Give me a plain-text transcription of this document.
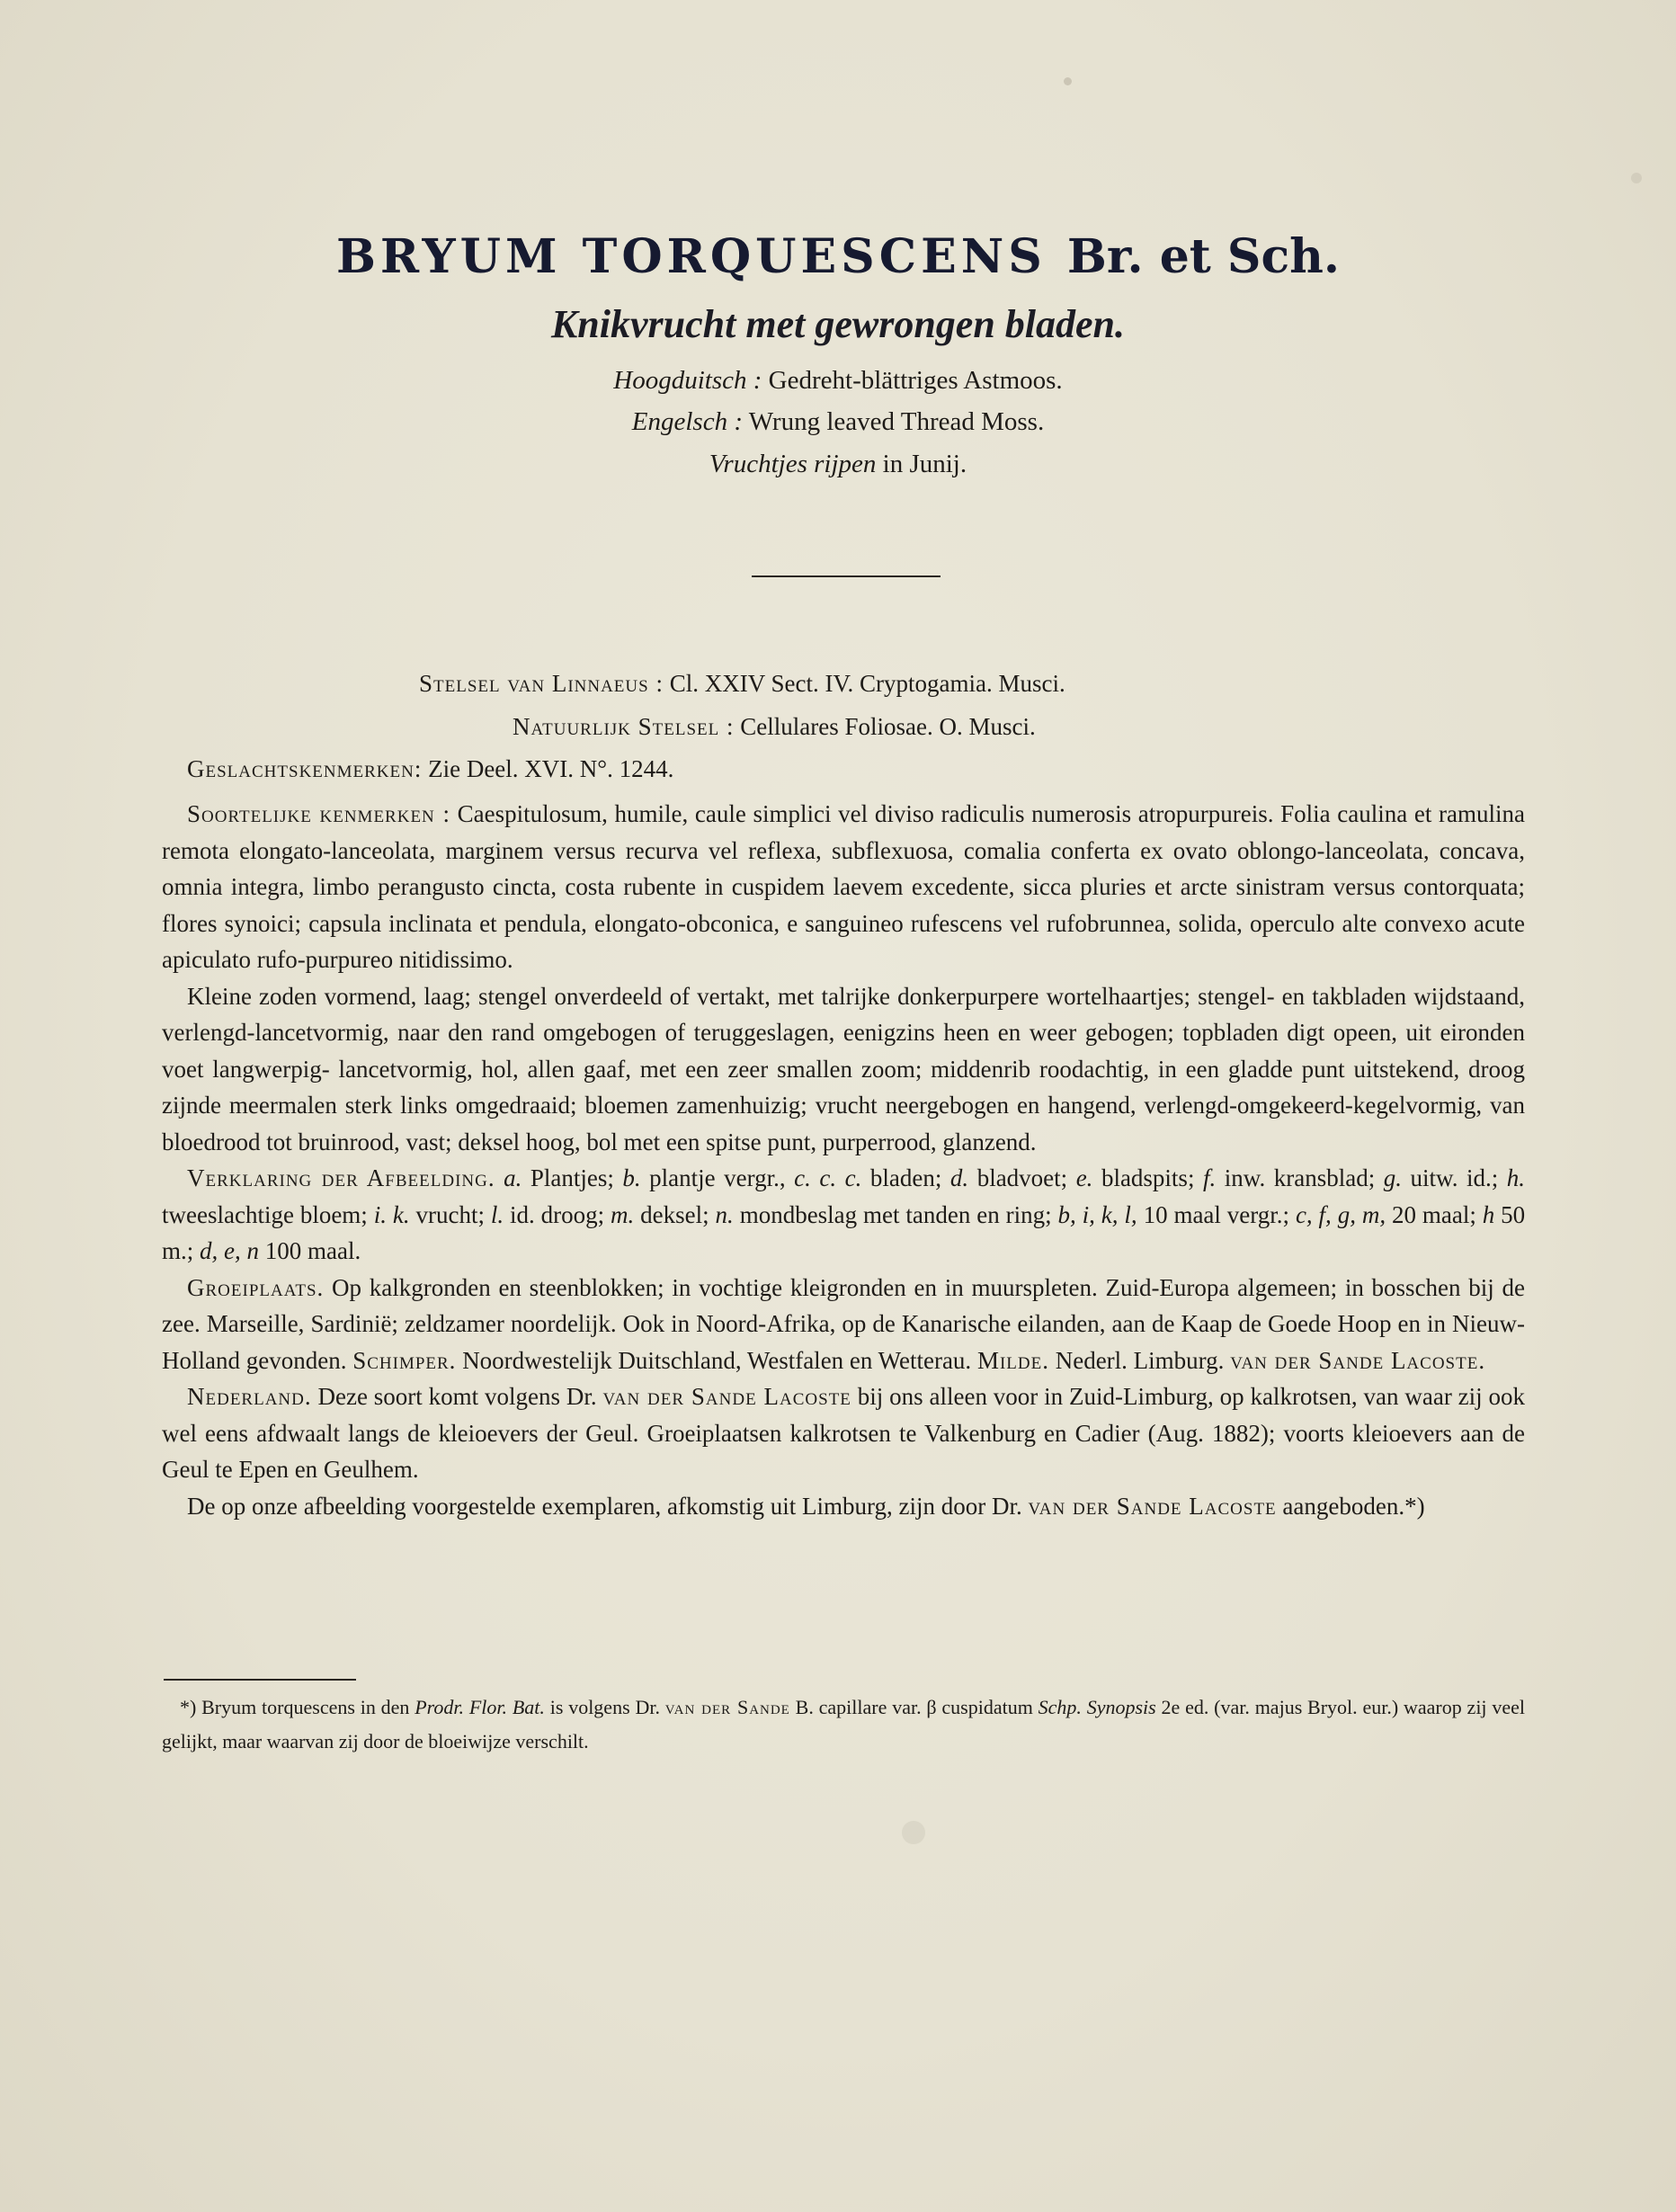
BRYUM TORQUESCENS Br. et Sch.
Knikvrucht met gewrongen bladen.
Hoogduitsch : Gedreht-blättriges Astmoos.
Engelsch : Wrung leaved Thread Moss.
Vruchtjes rijpen in Junij.
Stelsel van Linnaeus : Cl. XXIV Sect. IV. Cryptogamia. Musci.
Natuurlijk Stelsel : Cellulares Foliosae. O. Musci.
Geslachtskenmerken: Zie Deel. XVI. N°. 1244.

Soortelijke kenmerken : Caespitulosum, humile, caule simplici vel diviso radiculis numerosis atropurpureis. Folia caulina et ramulina remota elongato-lanceolata, marginem versus recurva vel reflexa, subflexuosa, comalia conferta ex ovato oblongo-lanceolata, concava, omnia integra, limbo perangusto cincta, costa rubente in cuspidem laevem excedente, sicca pluries et arcte sinistram versus contorquata; flores synoici; capsula inclinata et pendula, elongato-obconica, e sanguineo rufescens vel rufobrunnea, solida, operculo alte convexo acute apiculato rufo-purpureo nitidissimo.

Kleine zoden vormend, laag; stengel onverdeeld of vertakt, met talrijke donkerpurpere wortelhaartjes; stengel- en takbladen wijdstaand, verlengd-lancetvormig, naar den rand omgebogen of teruggeslagen, eenigzins heen en weer gebogen; topbladen digt opeen, uit eironden voet langwerpig- lancetvormig, hol, allen gaaf, met een zeer smallen zoom; middenrib roodachtig, in een gladde punt uitstekend, droog zijnde meermalen sterk links omgedraaid; bloemen zamenhuizig; vrucht neergebogen en hangend, verlengd-omgekeerd-kegelvormig, van bloedrood tot bruinrood, vast; deksel hoog, bol met een spitse punt, purperrood, glanzend.

Verklaring der Afbeelding. a. Plantjes; b. plantje vergr., c. c. c. bladen; d. bladvoet; e. bladspits; f. inw. kransblad; g. uitw. id.; h. tweeslachtige bloem; i. k. vrucht; l. id. droog; m. deksel; n. mondbeslag met tanden en ring; b, i, k, l, 10 maal vergr.; c, f, g, m, 20 maal; h 50 m.; d, e, n 100 maal.

Groeiplaats. Op kalkgronden en steenblokken; in vochtige kleigronden en in muurspleten. Zuid-Europa algemeen; in bosschen bij de zee. Marseille, Sardinië; zeldzamer noordelijk. Ook in Noord-Afrika, op de Kanarische eilanden, aan de Kaap de Goede Hoop en in Nieuw-Holland gevonden. Schimper. Noordwestelijk Duitschland, Westfalen en Wetterau. Milde. Nederl. Limburg. van der Sande Lacoste.

Nederland. Deze soort komt volgens Dr. van der Sande Lacoste bij ons alleen voor in Zuid-Limburg, op kalkrotsen, van waar zij ook wel eens afdwaalt langs de kleioevers der Geul. Groeiplaatsen kalkrotsen te Valkenburg en Cadier (Aug. 1882); voorts kleioevers aan de Geul te Epen en Geulhem.

De op onze afbeelding voorgestelde exemplaren, afkomstig uit Limburg, zijn door Dr. van der Sande Lacoste aangeboden.*)

*) Bryum torquescens in den Prodr. Flor. Bat. is volgens Dr. van der Sande B. capillare var. β cuspidatum Schp. Synopsis 2e ed. (var. majus Bryol. eur.) waarop zij veel gelijkt, maar waarvan zij door de bloeiwijze verschilt.
